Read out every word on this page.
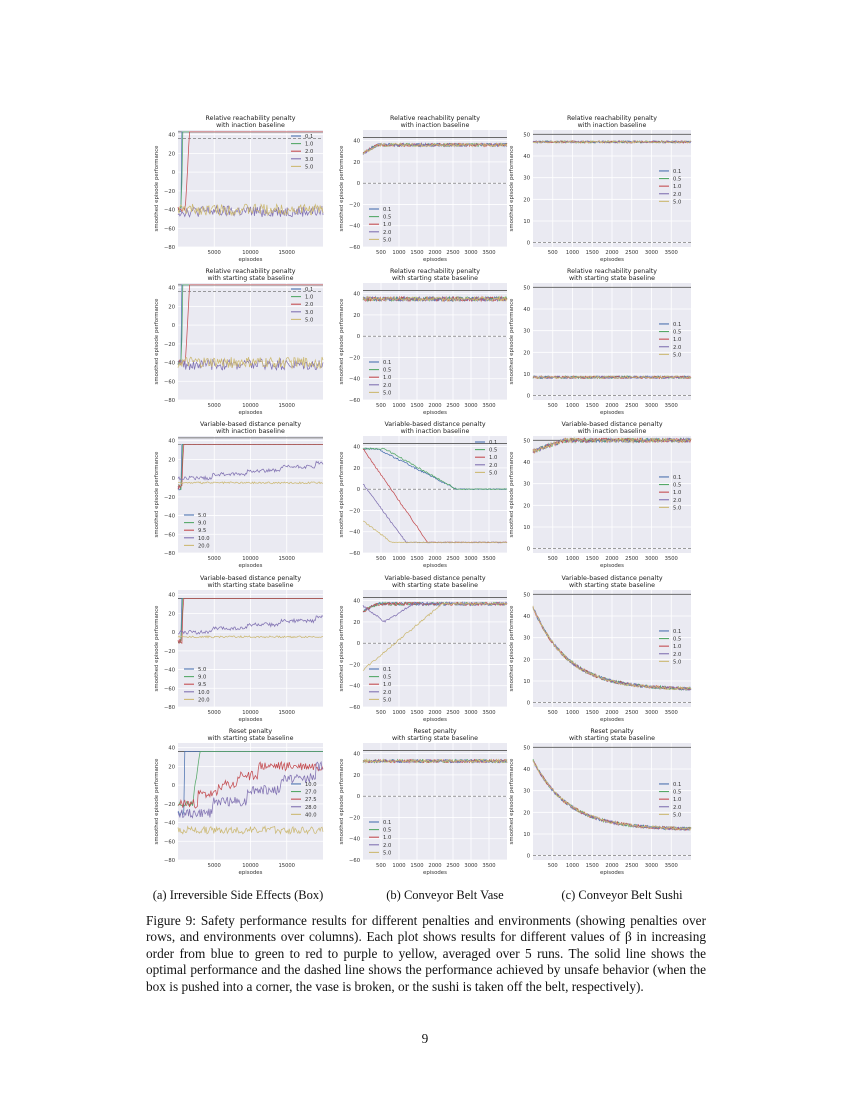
Relative reachability penalty
with inaction baseline
−80
−60
−40
−20
0
20
40
5000	10000	15000
episodes
smoothed episode performance
0.1
1.0
2.0
3.0
5.0
Relative reachability penalty
with inaction baseline
−60
−40
−20
0
20
40
500 1000 1500 2000 2500 3000 3500
episodes
smoothed episode performance	0.1
0.5
1.0
2.0
5.0
Relative reachability penalty
with inaction baseline
0
10
20
30
40
50
500 1000 1500 2000 2500 3000 3500
episodes
smoothed episode performance	0.1
0.5
1.0
2.0
5.0
Relative reachability penalty
with starting state baseline
−80
−60
−40
−20
0
20
40
5000	10000	15000
episodes
smoothed episode performance
0.1
1.0
2.0
3.0
5.0
Relative reachability penalty
with starting state baseline
−60
−40
−20
0
20
40
500 1000 1500 2000 2500 3000 3500
episodes
smoothed episode performance	0.1
0.5
1.0
2.0
5.0
Relative reachability penalty
with starting state baseline
0
10
20
30
40
50
500 1000 1500 2000 2500 3000 3500
episodes
smoothed episode performance	0.1
0.5
1.0
2.0
5.0
Variable-based distance penalty
with inaction baseline
−80
−60
−40
−20
0
20
40
5000	10000	15000
episodes
smoothed episode performance	5.0
9.0
9.5
10.0
20.0
Variable-based distance penalty
with inaction baseline
−60
−40
−20
0
20
40
500 1000 1500 2000 2500 3000 3500
episodes
smoothed episode performance
0.1
0.5
1.0
2.0
5.0
Variable-based distance penalty
with inaction baseline
0
10
20
30
40
50
500 1000 1500 2000 2500 3000 3500
episodes
smoothed episode performance	0.1
0.5
1.0
2.0
5.0
Variable-based distance penalty
with starting state baseline
−80
−60
−40
−20
0
20
40
5000	10000	15000
episodes
smoothed episode performance	5.0
9.0
9.5
10.0
20.0
Variable-based distance penalty
with starting state baseline
−60
−40
−20
0
20
40
500 1000 1500 2000 2500 3000 3500
episodes
smoothed episode performance	0.1
0.5
1.0
2.0
5.0
Variable-based distance penalty
with starting state baseline
0
10
20
30
40
50
500 1000 1500 2000 2500 3000 3500
episodes
smoothed episode performance	0.1
0.5
1.0
2.0
5.0
Reset penalty
with starting state baseline
−80
−60
−40
−20
0
20
40
5000	10000	15000
episodes
smoothed episode performance	10.0
27.0
27.5
28.0
40.0
Reset penalty
with starting state baseline
−60
−40
−20
0
20
40
500 1000 1500 2000 2500 3000 3500
episodes
smoothed episode performance	0.1
0.5
1.0
2.0
5.0
Reset penalty
with starting state baseline
0
10
20
30
40
50
500 1000 1500 2000 2500 3000 3500
episodes
smoothed episode performance	0.1
0.5
1.0
2.0
5.0
(a) Irreversible Side Effects (Box)	(b) Conveyor Belt Vase	(c) Conveyor Belt Sushi
Figure 9: Safety performance results for different penalties and environments (showing penalties over rows, and environments over columns). Each plot shows results for different values of β in increasing order from blue to green to red to purple to yellow, averaged over 5 runs. The solid line shows the optimal performance and the dashed line shows the performance achieved by unsafe behavior (when the box is pushed into a corner, the vase is broken, or the sushi is taken off the belt, respectively).
9
